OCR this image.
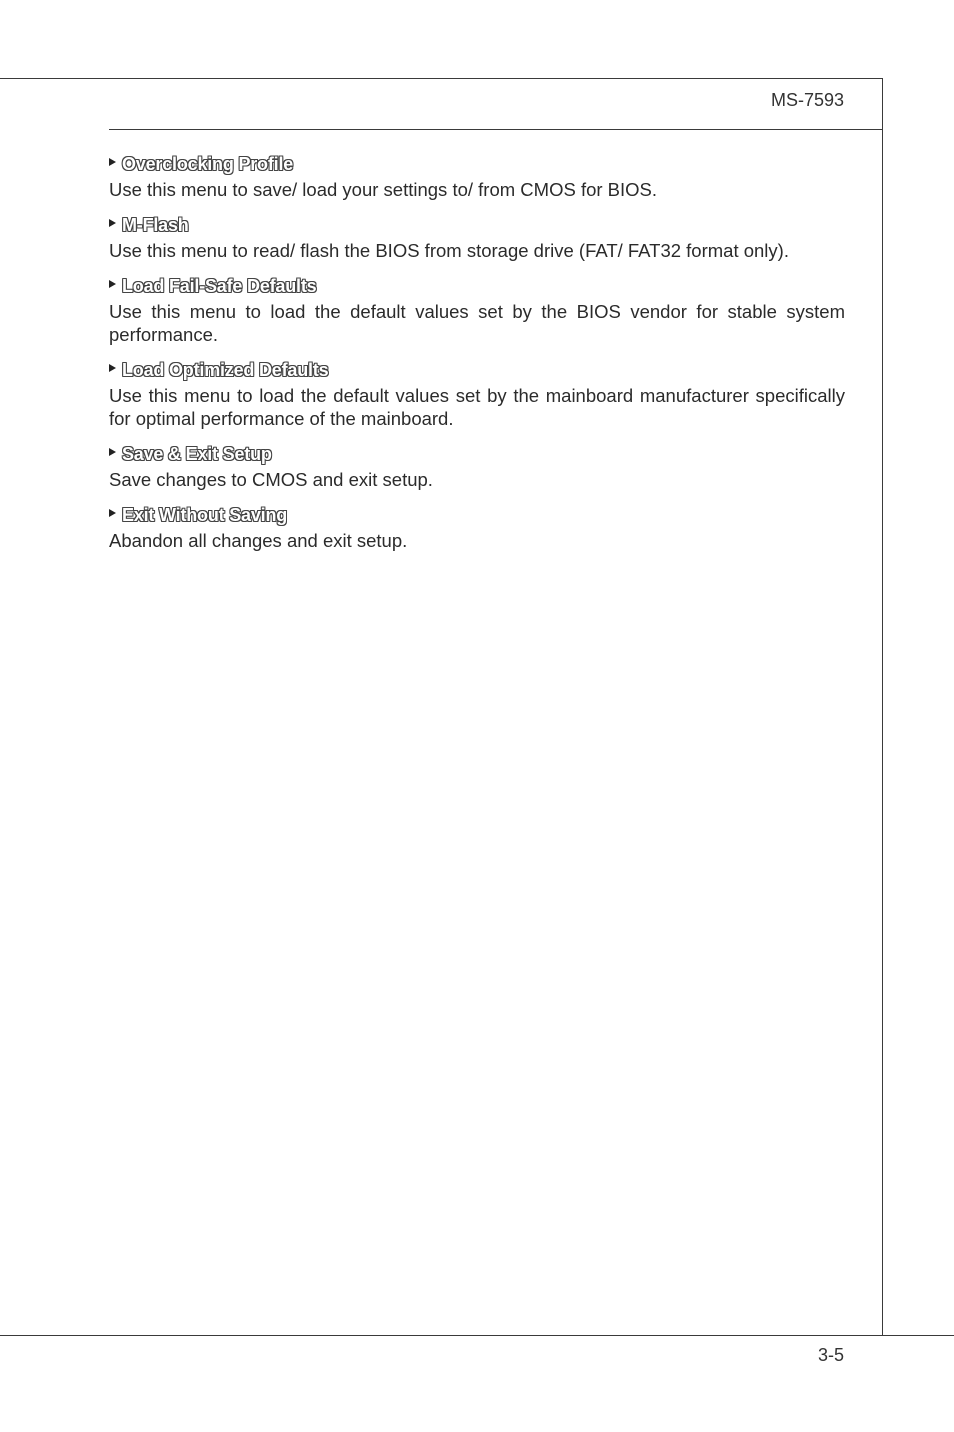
MS-7593
Overclocking Profile
Use this menu to save/ load your settings to/ from CMOS for BIOS.
M-Flash
Use this menu to read/ flash the BIOS from storage drive (FAT/ FAT32 format only).
Load Fail-Safe Defaults
Use this menu to load the default values set by the BIOS vendor for stable system performance.
Load Optimized Defaults
Use this menu to load the default values set by the mainboard manufacturer specifically for optimal performance of the mainboard.
Save & Exit Setup
Save changes to CMOS and exit setup.
Exit Without Saving
Abandon all changes and exit setup.
3-5
